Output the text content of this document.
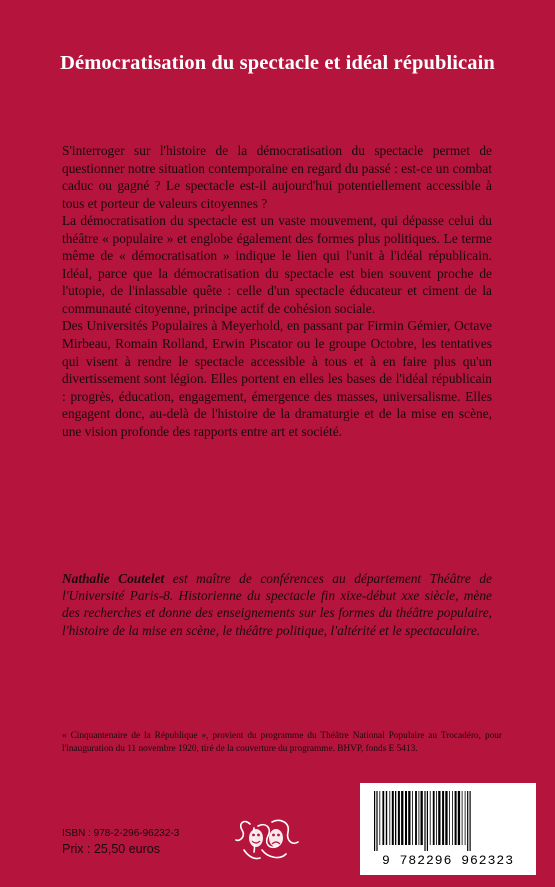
Démocratisation du spectacle et idéal républicain

S'interroger sur l'histoire de la démocratisation du spectacle permet de questionner notre situation contemporaine en regard du passé : est-ce un combat caduc ou gagné ? Le spectacle est-il aujourd'hui potentiellement accessible à tous et porteur de valeurs citoyennes ?

La démocratisation du spectacle est un vaste mouvement, qui dépasse celui du théâtre « populaire » et englobe également des formes plus politiques. Le terme même de « démocratisation » indique le lien qui l'unit à l'idéal républicain. Idéal, parce que la démocratisation du spectacle est bien souvent proche de l'utopie, de l'inlassable quête : celle d'un spectacle éducateur et ciment de la communauté citoyenne, principe actif de cohésion sociale.

Des Universités Populaires à Meyerhold, en passant par Firmin Gémier, Octave Mirbeau, Romain Rolland, Erwin Piscator ou le groupe Octobre, les tentatives qui visent à rendre le spectacle accessible à tous et à en faire plus qu'un divertissement sont légion. Elles portent en elles les bases de l'idéal républicain : progrès, éducation, engagement, émergence des masses, universalisme. Elles engagent donc, au-delà de l'histoire de la dramaturgie et de la mise en scène, une vision profonde des rapports entre art et société.

Nathalie Coutelet est maître de conférences au département Théâtre de l'Université Paris-8. Historienne du spectacle fin xixe-début xxe siècle, mène des recherches et donne des enseignements sur les formes du théâtre populaire, l'histoire de la mise en scène, le théâtre politique, l'altérité et le spectaculaire.
« Cinquantenaire de la République », provient du programme du Théâtre National Populaire au Trocadéro, pour l'inauguration du 11 novembre 1920, tiré de la couverture du programme. BHVP, fonds E 5413.
ISBN : 978-2-296-96232-3
Prix : 25,50 euros
9 782296 962323
